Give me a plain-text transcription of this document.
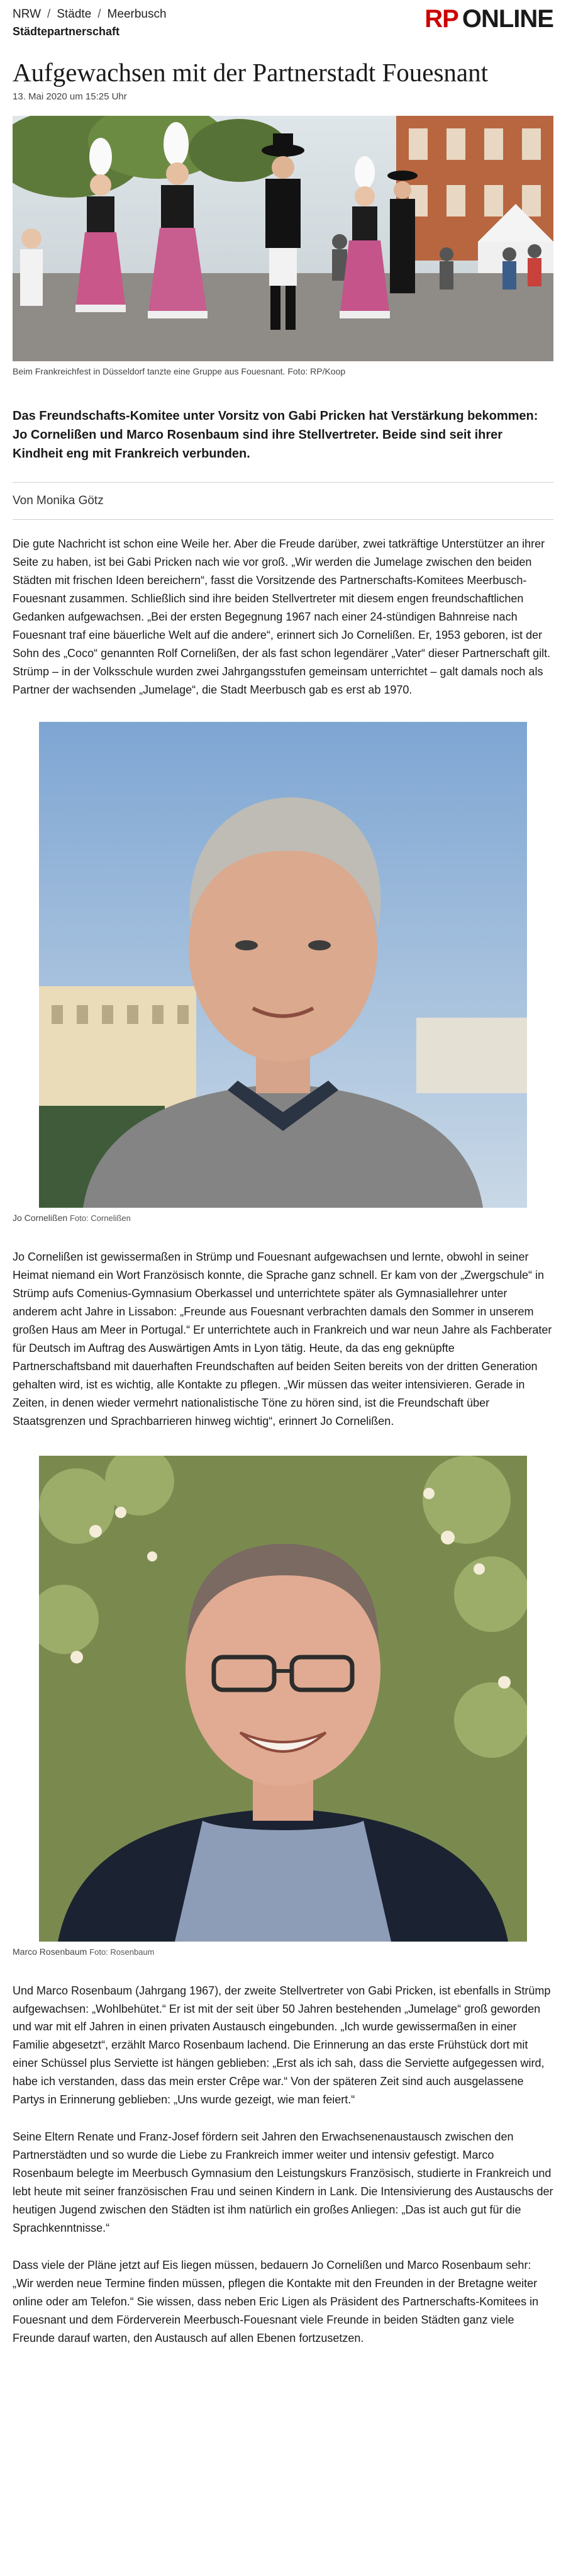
NRW / Städte / Meerbusch
Städtepartnerschaft	RP ONLINE
Aufgewachsen mit der Partnerstadt Fouesnant
13. Mai 2020 um 15:25 Uhr
Beim Frankreichfest in Düsseldorf tanzte eine Gruppe aus Fouesnant. Foto: RP/Koop
Das Freundschafts-Komitee unter Vorsitz von Gabi Pricken hat Verstärkung bekommen: Jo Cornelißen und Marco Rosenbaum sind ihre Stellvertreter. Beide sind seit ihrer Kindheit eng mit Frankreich verbunden.
Von Monika Götz

Die gute Nachricht ist schon eine Weile her. Aber die Freude darüber, zwei tatkräftige Unterstützer an ihrer Seite zu haben, ist bei Gabi Pricken nach wie vor groß. „Wir werden die Jumelage zwischen den beiden Städten mit frischen Ideen bereichern“, fasst die Vorsitzende des Partnerschafts-Komitees Meerbusch-Fouesnant zusammen. Schließlich sind ihre beiden Stellvertreter mit diesem engen freundschaftlichen Gedanken aufgewachsen. „Bei der ersten Begegnung 1967 nach einer 24-stündigen Bahnreise nach Fouesnant traf eine bäuerliche Welt auf die andere“, erinnert sich Jo Cornelißen. Er, 1953 geboren, ist der Sohn des „Coco“ genannten Rolf Cornelißen, der als fast schon legendärer „Vater“ dieser Partnerschaft gilt. Strümp – in der Volksschule wurden zwei Jahrgangsstufen gemeinsam unterrichtet – galt damals noch als Partner der wachsenden „Jumelage“, die Stadt Meerbusch gab es erst ab 1970.

Jo Cornelißen Foto: Cornelißen

Jo Cornelißen ist gewissermaßen in Strümp und Fouesnant aufgewachsen und lernte, obwohl in seiner Heimat niemand ein Wort Französisch konnte, die Sprache ganz schnell. Er kam von der „Zwergschule“ in Strümp aufs Comenius-Gymnasium Oberkassel und unterrichtete später als Gymnasiallehrer unter anderem acht Jahre in Lissabon: „Freunde aus Fouesnant verbrachten damals den Sommer in unserem großen Haus am Meer in Portugal.“ Er unterrichtete auch in Frankreich und war neun Jahre als Fachberater für Deutsch im Auftrag des Auswärtigen Amts in Lyon tätig. Heute, da das eng geknüpfte Partnerschaftsband mit dauerhaften Freundschaften auf beiden Seiten bereits von der dritten Generation gehalten wird, ist es wichtig, alle Kontakte zu pflegen. „Wir müssen das weiter intensivieren. Gerade in Zeiten, in denen wieder vermehrt nationalistische Töne zu hören sind, ist die Freundschaft über Staatsgrenzen und Sprachbarrieren hinweg wichtig“, erinnert Jo Cornelißen.

Marco Rosenbaum Foto: Rosenbaum

Und Marco Rosenbaum (Jahrgang 1967), der zweite Stellvertreter von Gabi Pricken, ist ebenfalls in Strümp aufgewachsen: „Wohlbehütet.“ Er ist mit der seit über 50 Jahren bestehenden „Jumelage“ groß geworden und war mit elf Jahren in einen privaten Austausch eingebunden. „Ich wurde gewissermaßen in einer Familie abgesetzt“, erzählt Marco Rosenbaum lachend. Die Erinnerung an das erste Frühstück dort mit einer Schüssel plus Serviette ist hängen geblieben: „Erst als ich sah, dass die Serviette aufgegessen wird, habe ich verstanden, dass das mein erster Crêpe war.“ Von der späteren Zeit sind auch ausgelassene Partys in Erinnerung geblieben: „Uns wurde gezeigt, wie man feiert.“

Seine Eltern Renate und Franz-Josef fördern seit Jahren den Erwachsenenaustausch zwischen den Partnerstädten und so wurde die Liebe zu Frankreich immer weiter und intensiv gefestigt. Marco Rosenbaum belegte im Meerbusch Gymnasium den Leistungskurs Französisch, studierte in Frankreich und lebt heute mit seiner französischen Frau und seinen Kindern in Lank. Die Intensivierung des Austauschs der heutigen Jugend zwischen den Städten ist ihm natürlich ein großes Anliegen: „Das ist auch gut für die Sprachkenntnisse.“

Dass viele der Pläne jetzt auf Eis liegen müssen, bedauern Jo Cornelißen und Marco Rosenbaum sehr: „Wir werden neue Termine finden müssen, pflegen die Kontakte mit den Freunden in der Bretagne weiter online oder am Telefon.“ Sie wissen, dass neben Eric Ligen als Präsident des Partnerschafts-Komitees in Fouesnant und dem Förderverein Meerbusch-Fouesnant viele Freunde in beiden Städten ganz viele Freunde darauf warten, den Austausch auf allen Ebenen fortzusetzen.
